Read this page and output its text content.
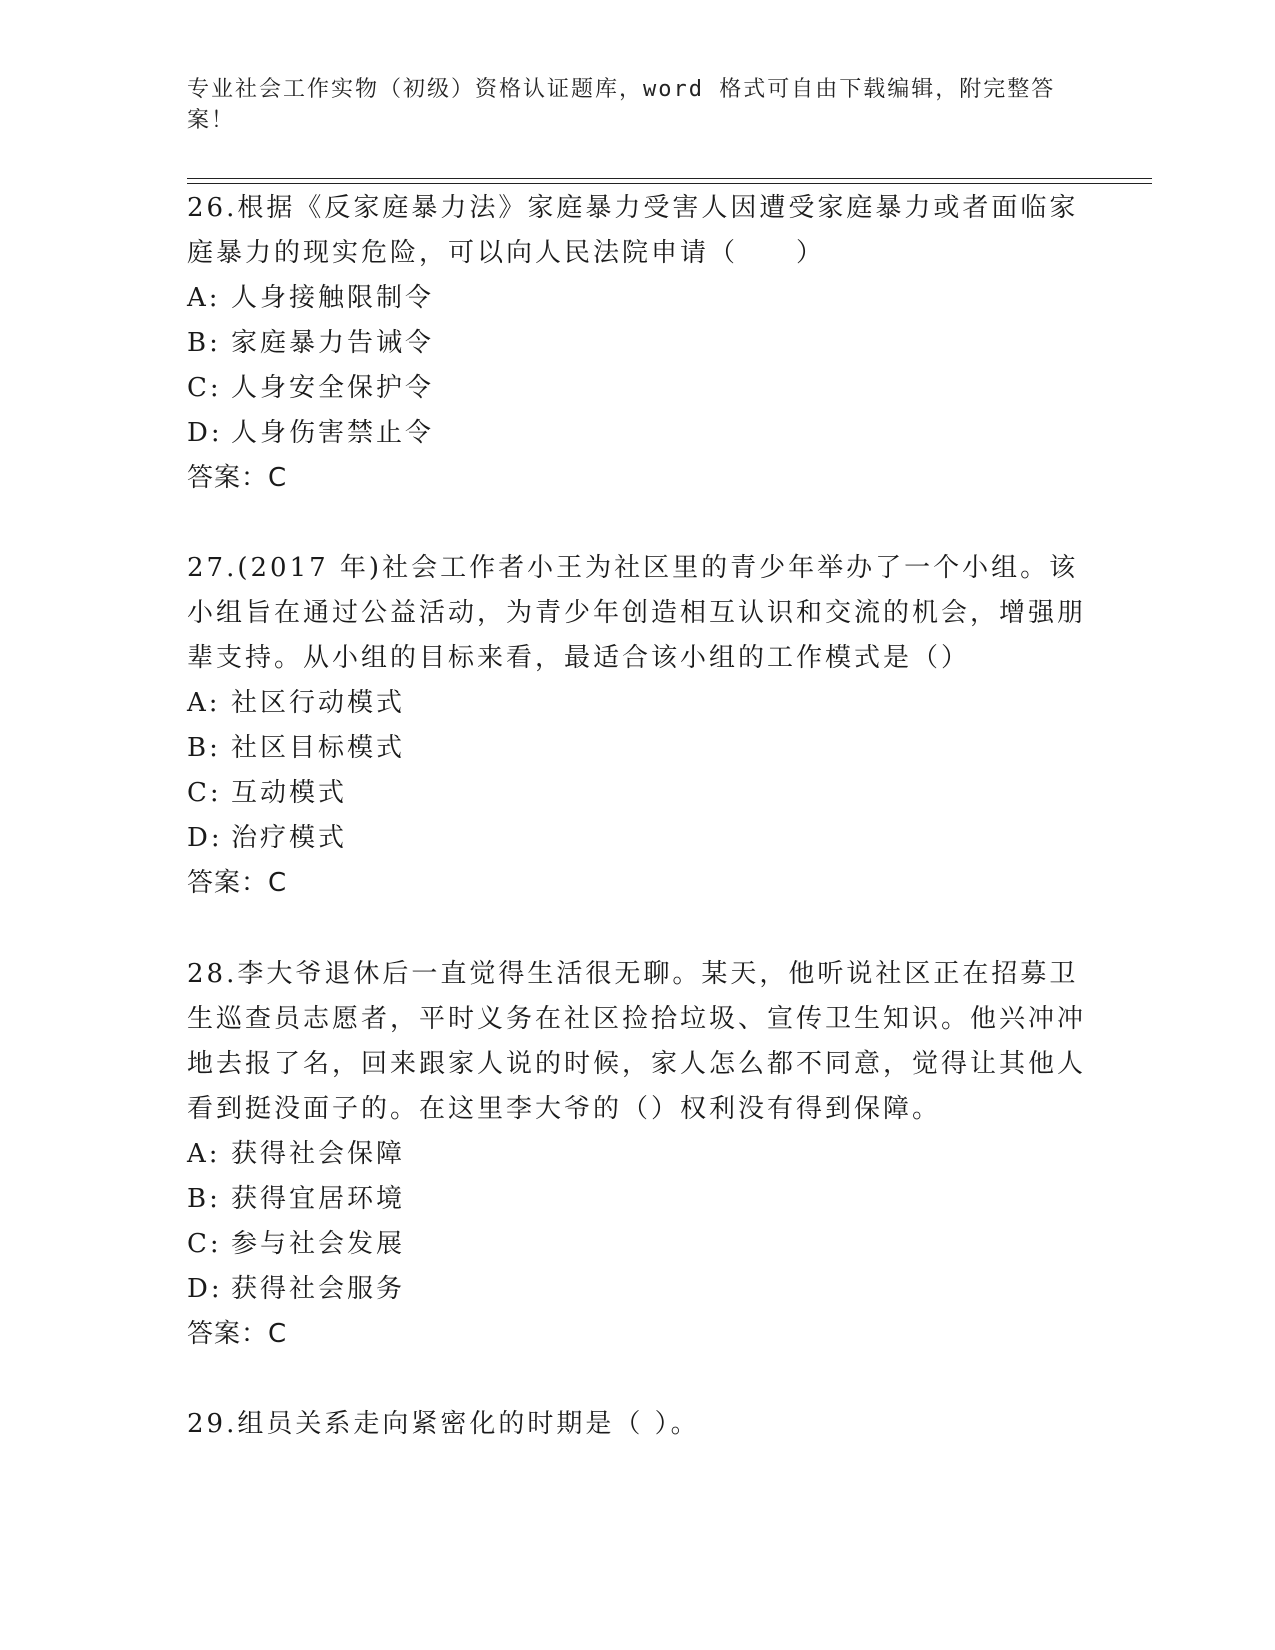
专业社会工作实物（初级）资格认证题库，word 格式可自由下载编辑，附完整答案！

26.根据《反家庭暴力法》家庭暴力受害人因遭受家庭暴力或者面临家庭暴力的现实危险，可以向人民法院申请（　　）

A: 人身接触限制令
B: 家庭暴力告诫令
C: 人身安全保护令
D: 人身伤害禁止令

答案：C

27.(2017 年)社会工作者小王为社区里的青少年举办了一个小组。该小组旨在通过公益活动，为青少年创造相互认识和交流的机会，增强朋辈支持。从小组的目标来看，最适合该小组的工作模式是（）

A: 社区行动模式
B: 社区目标模式
C: 互动模式
D: 治疗模式

答案：C

28.李大爷退休后一直觉得生活很无聊。某天，他听说社区正在招募卫生巡查员志愿者，平时义务在社区捡拾垃圾、宣传卫生知识。他兴冲冲地去报了名，回来跟家人说的时候，家人怎么都不同意，觉得让其他人看到挺没面子的。在这里李大爷的（）权利没有得到保障。

A: 获得社会保障
B: 获得宜居环境
C: 参与社会发展
D: 获得社会服务

答案：C

29.组员关系走向紧密化的时期是（ ）。
